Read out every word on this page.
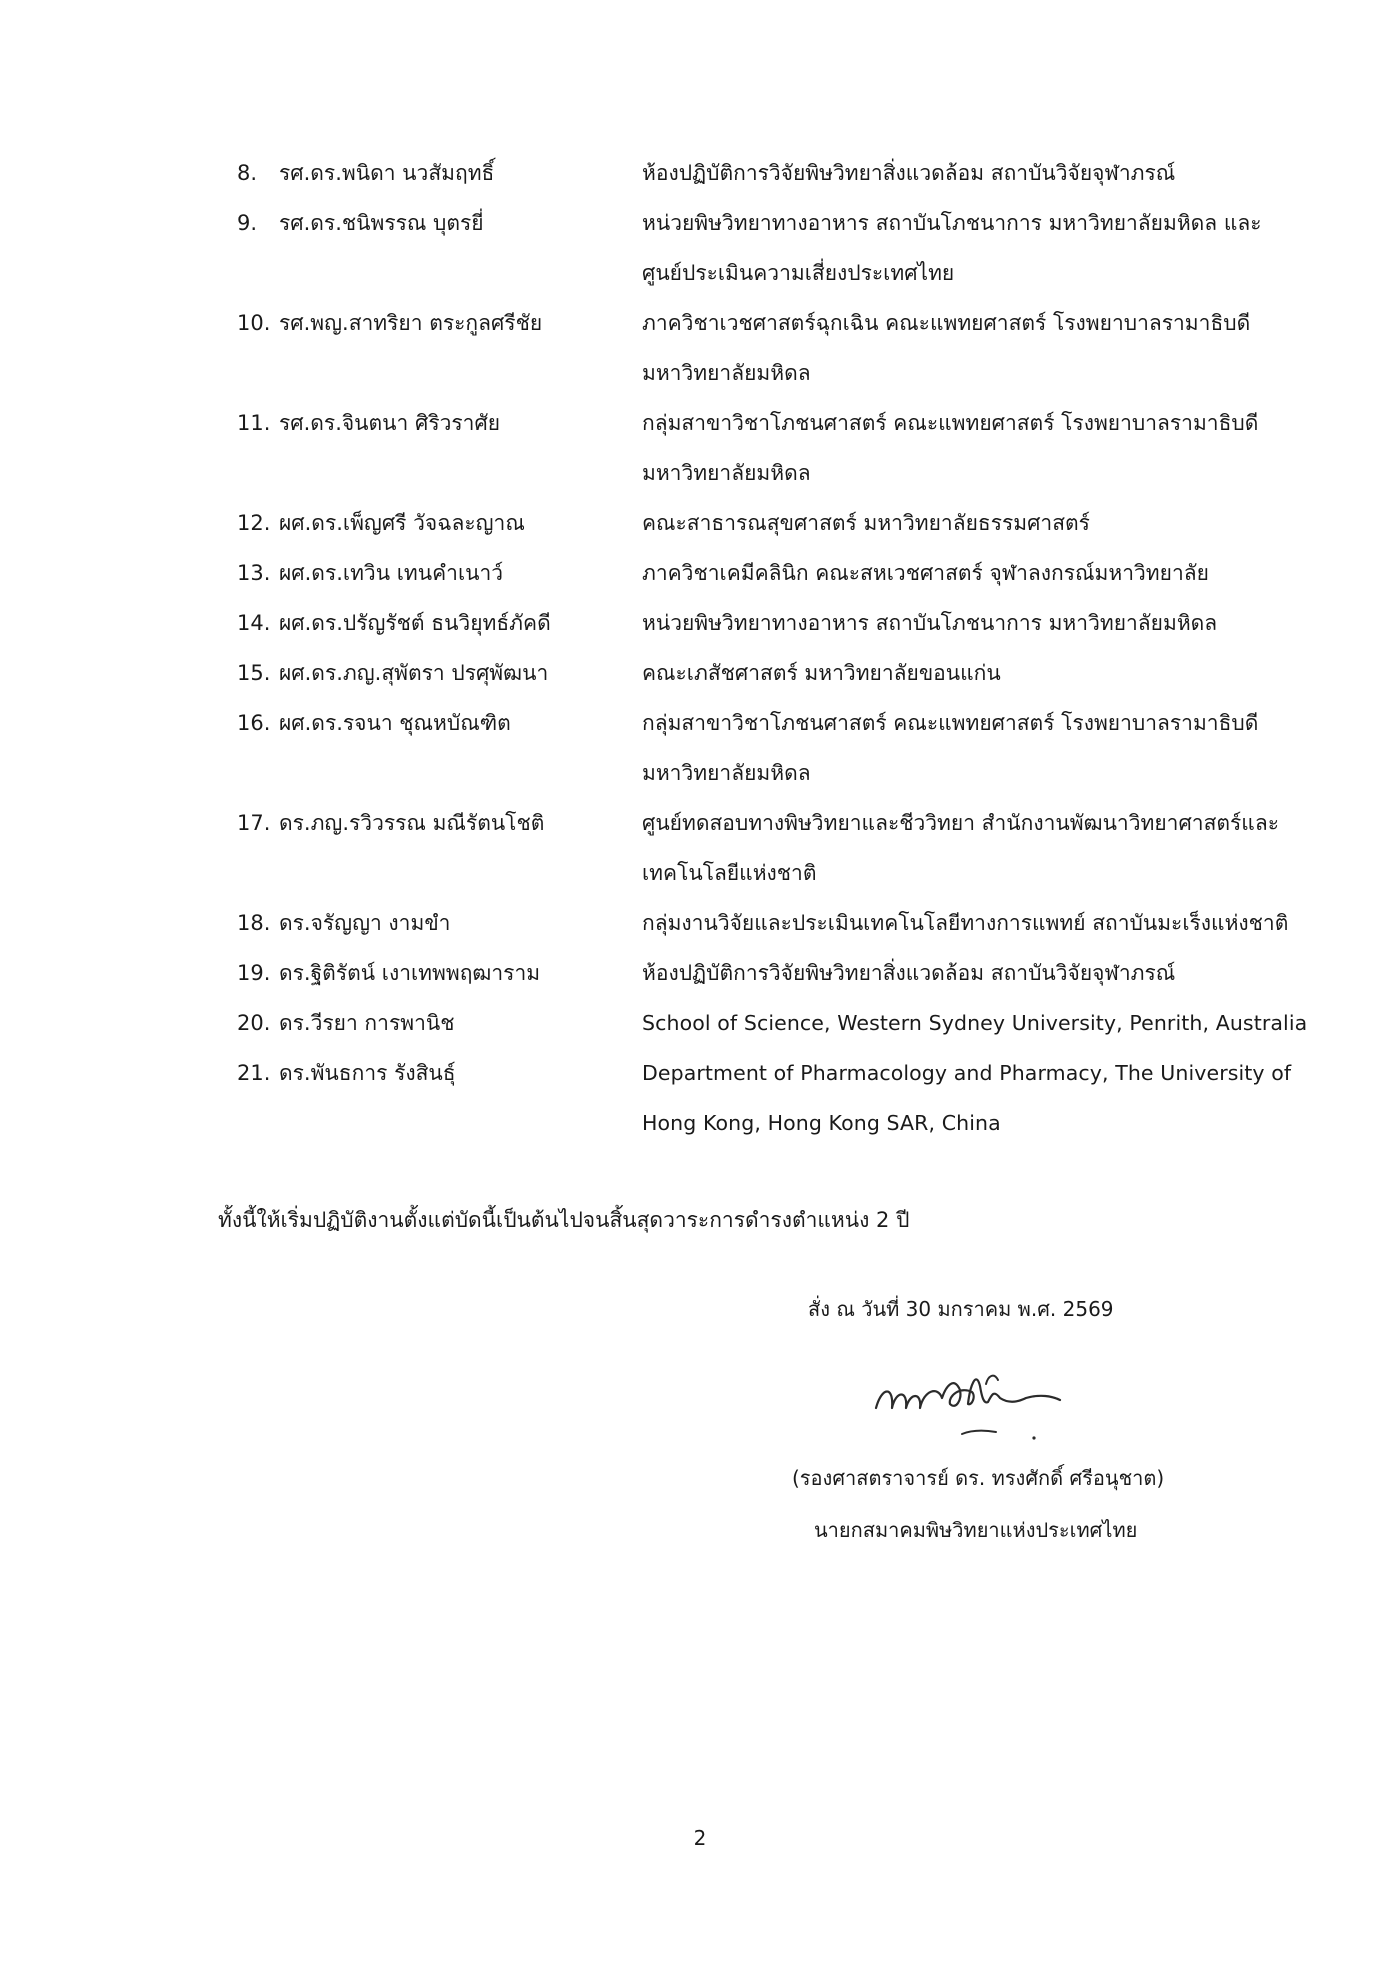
8.	รศ.ดร.พนิดา นวสัมฤทธิ์	ห้องปฏิบัติการวิจัยพิษวิทยาสิ่งแวดล้อม สถาบันวิจัยจุฬาภรณ์
9.	รศ.ดร.ชนิพรรณ บุตรยี่	หน่วยพิษวิทยาทางอาหาร สถาบันโภชนาการ มหาวิทยาลัยมหิดล และ
ศูนย์ประเมินความเสี่ยงประเทศไทย
10. รศ.พญ.สาทริยา ตระกูลศรีชัย	ภาควิชาเวชศาสตร์ฉุกเฉิน คณะแพทยศาสตร์ โรงพยาบาลรามาธิบดี
มหาวิทยาลัยมหิดล
11. รศ.ดร.จินตนา ศิริวราศัย	กลุ่มสาขาวิชาโภชนศาสตร์ คณะแพทยศาสตร์ โรงพยาบาลรามาธิบดี
มหาวิทยาลัยมหิดล
12. ผศ.ดร.เพ็ญศรี วัจฉละญาณ	คณะสาธารณสุขศาสตร์ มหาวิทยาลัยธรรมศาสตร์
13. ผศ.ดร.เทวิน เทนคำเนาว์	ภาควิชาเคมีคลินิก คณะสหเวชศาสตร์ จุฬาลงกรณ์มหาวิทยาลัย
14. ผศ.ดร.ปรัญรัชต์ ธนวิยุทธ์ภัคดี	หน่วยพิษวิทยาทางอาหาร สถาบันโภชนาการ มหาวิทยาลัยมหิดล
15. ผศ.ดร.ภญ.สุพัตรา ปรศุพัฒนา	คณะเภสัชศาสตร์ มหาวิทยาลัยขอนแก่น
16. ผศ.ดร.รจนา ชุณหบัณฑิต	กลุ่มสาขาวิชาโภชนศาสตร์ คณะแพทยศาสตร์ โรงพยาบาลรามาธิบดี
มหาวิทยาลัยมหิดล
17. ดร.ภญ.รวิวรรณ มณีรัตนโชติ	ศูนย์ทดสอบทางพิษวิทยาและชีววิทยา สำนักงานพัฒนาวิทยาศาสตร์และ
เทคโนโลยีแห่งชาติ
18. ดร.จรัญญา งามขำ	กลุ่มงานวิจัยและประเมินเทคโนโลยีทางการแพทย์ สถาบันมะเร็งแห่งชาติ
19. ดร.ฐิติรัตน์ เงาเทพพฤฒาราม	ห้องปฏิบัติการวิจัยพิษวิทยาสิ่งแวดล้อม สถาบันวิจัยจุฬาภรณ์
20. ดร.วีรยา การพานิช	School of Science, Western Sydney University, Penrith, Australia
21. ดร.พันธการ รังสินธุ์	Department of Pharmacology and Pharmacy, The University of
Hong Kong, Hong Kong SAR, China
ทั้งนี้ให้เริ่มปฏิบัติงานตั้งแต่บัดนี้เป็นต้นไปจนสิ้นสุดวาระการดำรงตำแหน่ง 2 ปี
สั่ง ณ วันที่ 30 มกราคม พ.ศ. 2569
(รองศาสตราจารย์ ดร. ทรงศักดิ์ ศรีอนุชาต)
นายกสมาคมพิษวิทยาแห่งประเทศไทย
2
